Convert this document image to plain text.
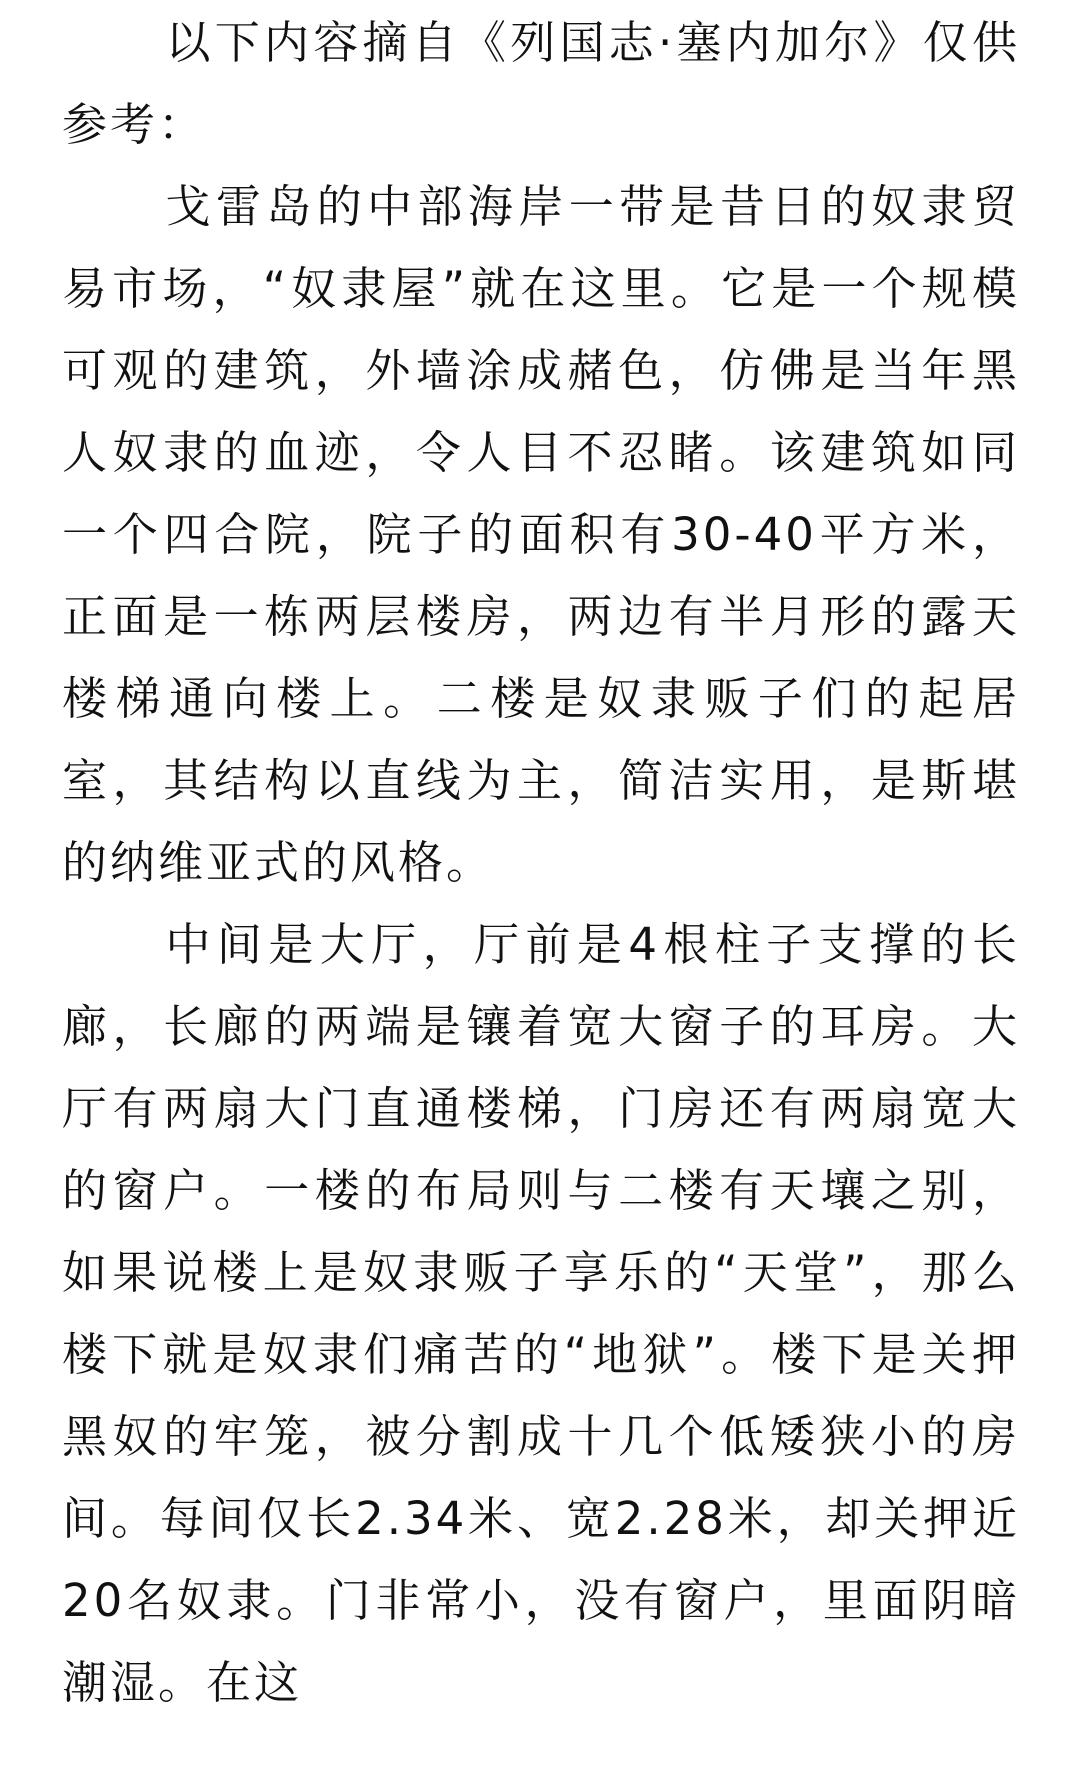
以下内容摘自《列国志·塞内加尔》仅供参考：

戈雷岛的中部海岸一带是昔日的奴隶贸易市场，“奴隶屋”就在这里。它是一个规模可观的建筑，外墙涂成赭色，仿佛是当年黑人奴隶的血迹，令人目不忍睹。该建筑如同一个四合院，院子的面积有30-40平方米，正面是一栋两层楼房，两边有半月形的露天楼梯通向楼上。二楼是奴隶贩子们的起居室，其结构以直线为主，简洁实用，是斯堪的纳维亚式的风格。

中间是大厅，厅前是4根柱子支撑的长廊，长廊的两端是镶着宽大窗子的耳房。大厅有两扇大门直通楼梯，门房还有两扇宽大的窗户。一楼的布局则与二楼有天壤之别，如果说楼上是奴隶贩子享乐的“天堂”，那么楼下就是奴隶们痛苦的“地狱”。楼下是关押黑奴的牢笼，被分割成十几个低矮狭小的房间。每间仅长2.34米、宽2.28米，却关押近20名奴隶。门非常小，没有窗户，里面阴暗潮湿。在这
